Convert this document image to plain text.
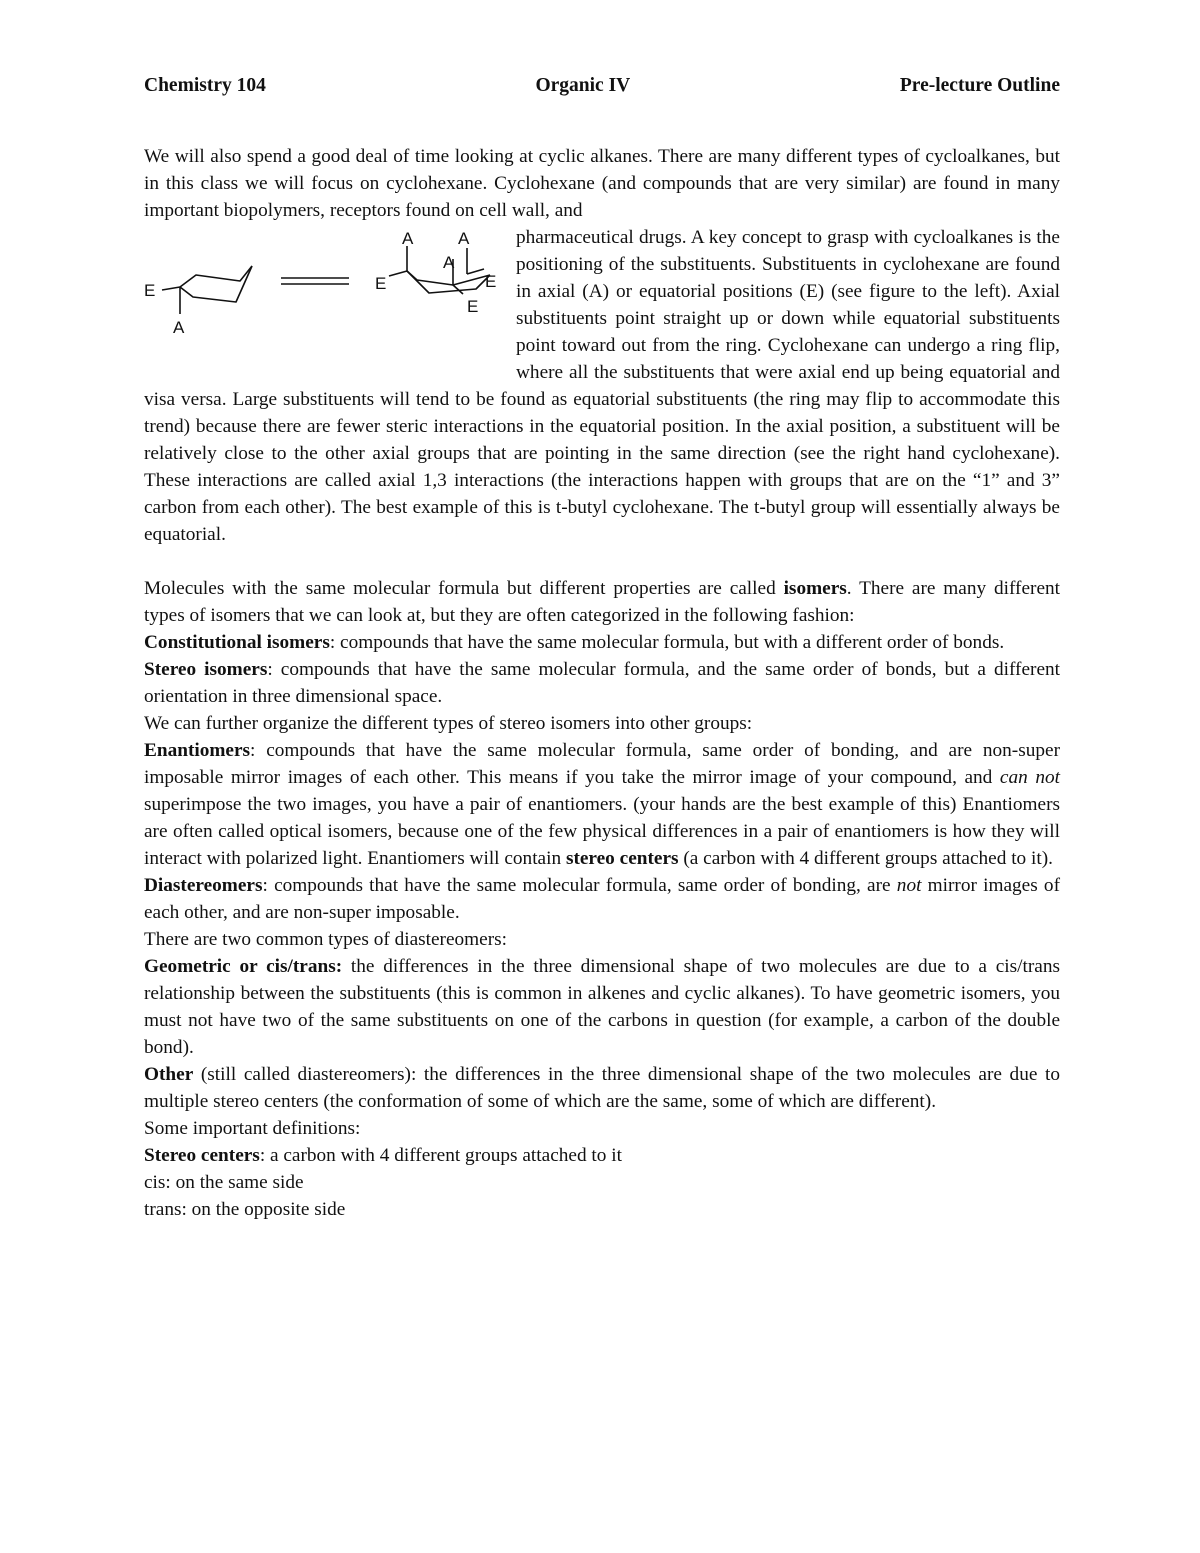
Chemistry 104	Organic IV	Pre-lecture Outline

We will also spend a good deal of time looking at cyclic alkanes. There are many different types of cycloalkanes, but in this class we will focus on cyclohexane. Cyclohexane (and compounds that are very similar) are found in many important biopolymers, receptors found on cell wall, and

E
A
E
A	A
A
E
E

pharmaceutical drugs. A key concept to grasp with cycloalkanes is the positioning of the substituents. Substituents in cyclohexane are found in axial (A) or equatorial positions (E) (see figure to the left). Axial substituents point straight up or down while equatorial substituents point toward out from the ring. Cyclohexane can undergo a ring flip, where all the substituents that were axial end up being equatorial and visa versa. Large substituents will tend to be found as equatorial substituents (the ring may flip to accommodate this trend) because there are fewer steric interactions in the equatorial position. In the axial position, a substituent will be relatively close to the other axial groups that are pointing in the same direction (see the right hand cyclohexane). These interactions are called axial 1,3 interactions (the interactions happen with groups that are on the “1” and 3” carbon from each other). The best example of this is t-butyl cyclohexane. The t-butyl group will essentially always be equatorial.

Molecules with the same molecular formula but different properties are called isomers. There are many different types of isomers that we can look at, but they are often categorized in the following fashion:

Constitutional isomers: compounds that have the same molecular formula, but with a different order of bonds.

Stereo isomers: compounds that have the same molecular formula, and the same order of bonds, but a different orientation in three dimensional space.

We can further organize the different types of stereo isomers into other groups:

Enantiomers: compounds that have the same molecular formula, same order of bonding, and are non-super imposable mirror images of each other. This means if you take the mirror image of your compound, and can not superimpose the two images, you have a pair of enantiomers. (your hands are the best example of this) Enantiomers are often called optical isomers, because one of the few physical differences in a pair of enantiomers is how they will interact with polarized light. Enantiomers will contain stereo centers (a carbon with 4 different groups attached to it).

Diastereomers: compounds that have the same molecular formula, same order of bonding, are not mirror images of each other, and are non-super imposable.

There are two common types of diastereomers:

Geometric or cis/trans: the differences in the three dimensional shape of two molecules are due to a cis/trans relationship between the substituents (this is common in alkenes and cyclic alkanes). To have geometric isomers, you must not have two of the same substituents on one of the carbons in question (for example, a carbon of the double bond).

Other (still called diastereomers): the differences in the three dimensional shape of the two molecules are due to multiple stereo centers (the conformation of some of which are the same, some of which are different).

Some important definitions:

Stereo centers: a carbon with 4 different groups attached to it

cis: on the same side

trans: on the opposite side
